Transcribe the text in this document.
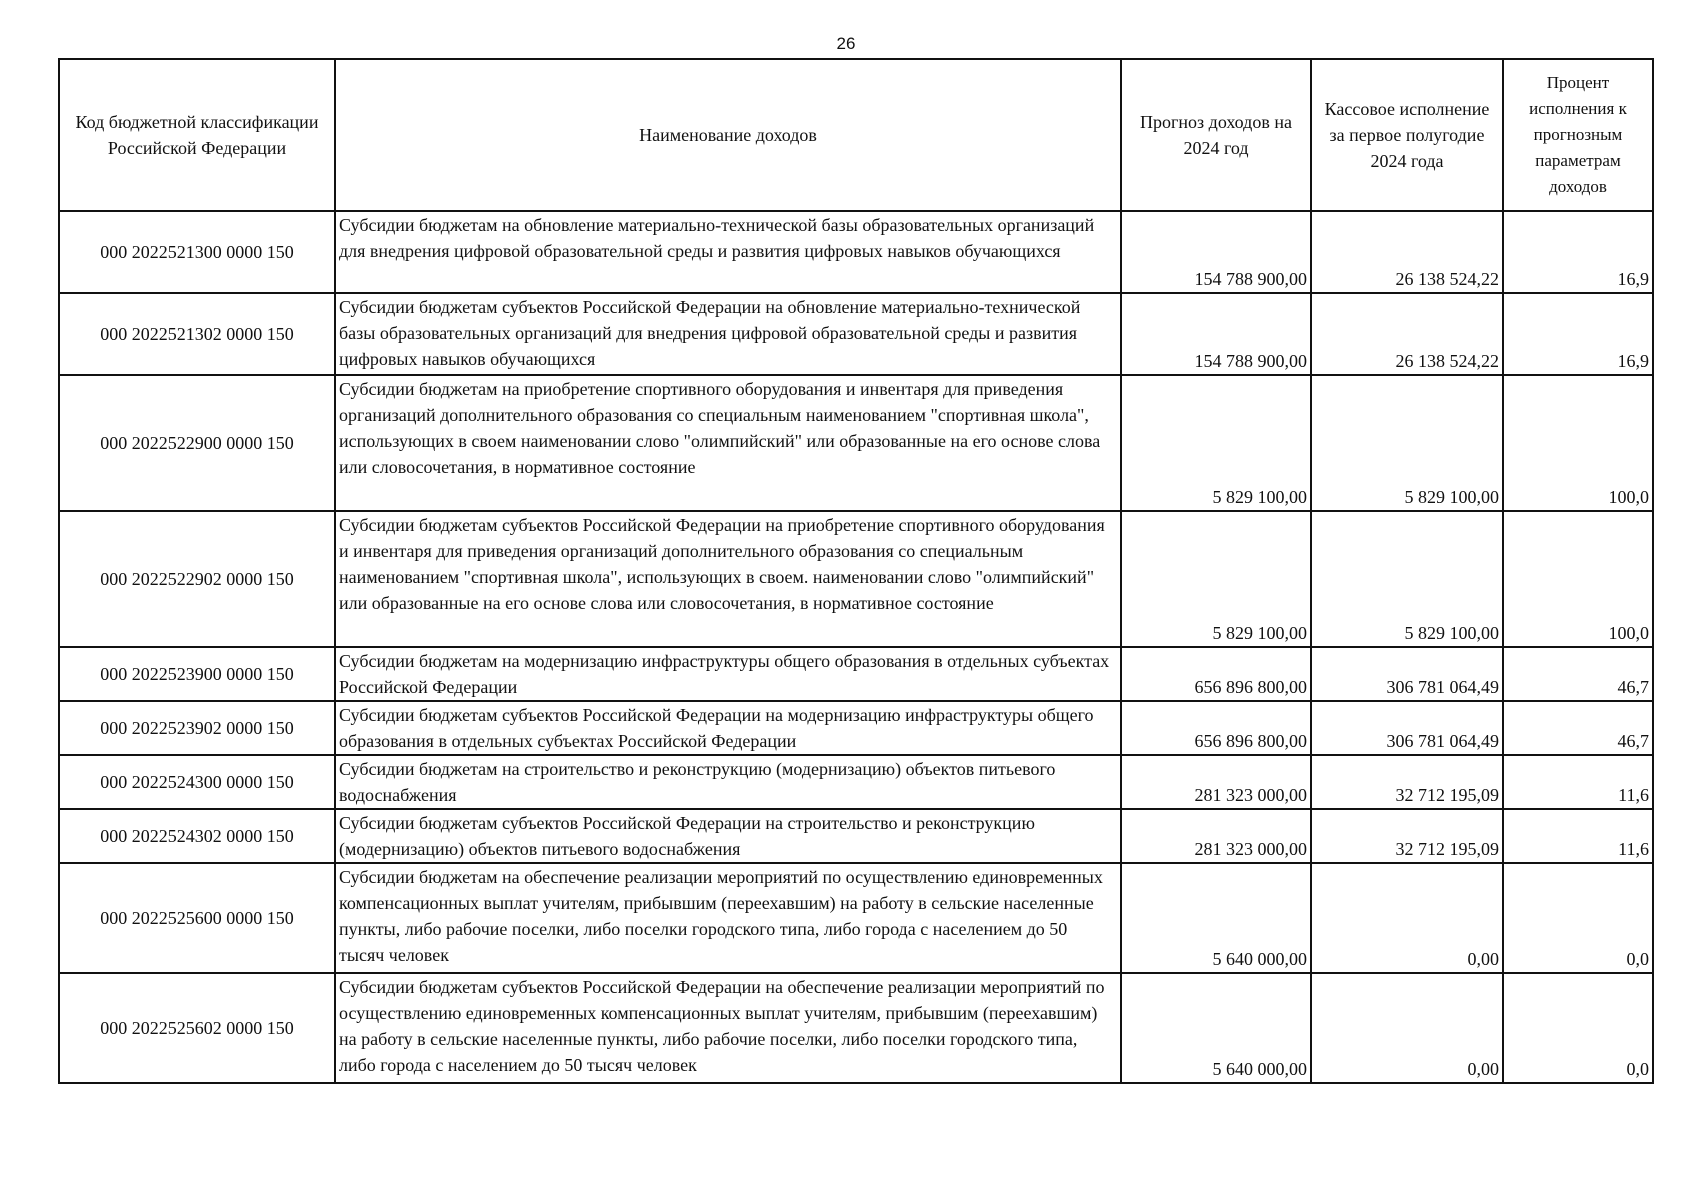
26
Код бюджетной классификации Российской Федерации	Наименование доходов	Прогноз доходов на 2024 год	Кассовое исполнение за первое полугодие 2024 года	Процент исполнения к прогнозным параметрам доходов
000 2022521300 0000 150	Субсидии бюджетам на обновление материально-технической базы образовательных организаций для внедрения цифровой образовательной среды и развития цифровых навыков обучающихся	154 788 900,00	26 138 524,22	16,9
000 2022521302 0000 150	Субсидии бюджетам субъектов Российской Федерации на обновление материально-технической базы образовательных организаций для внедрения цифровой образовательной среды и развития цифровых навыков обучающихся	154 788 900,00	26 138 524,22	16,9
000 2022522900 0000 150	Субсидии бюджетам на приобретение спортивного оборудования и инвентаря для приведения организаций дополнительного образования со специальным наименованием "спортивная школа", использующих в своем наименовании слово "олимпийский" или образованные на его основе слова или словосочетания, в нормативное состояние	5 829 100,00	5 829 100,00	100,0
000 2022522902 0000 150	Субсидии бюджетам субъектов Российской Федерации на приобретение спортивного оборудования и инвентаря для приведения организаций дополнительного образования со специальным наименованием "спортивная школа", использующих в своем. наименовании слово "олимпийский" или образованные на его основе слова или словосочетания, в нормативное состояние	5 829 100,00	5 829 100,00	100,0
000 2022523900 0000 150	Субсидии бюджетам на модернизацию инфраструктуры общего образования в отдельных субъектах Российской Федерации	656 896 800,00	306 781 064,49	46,7
000 2022523902 0000 150	Субсидии бюджетам субъектов Российской Федерации на модернизацию инфраструктуры общего образования в отдельных субъектах Российской Федерации	656 896 800,00	306 781 064,49	46,7
000 2022524300 0000 150	Субсидии бюджетам на строительство и реконструкцию (модернизацию) объектов питьевого водоснабжения	281 323 000,00	32 712 195,09	11,6
000 2022524302 0000 150	Субсидии бюджетам субъектов Российской Федерации на строительство и реконструкцию (модернизацию) объектов питьевого водоснабжения	281 323 000,00	32 712 195,09	11,6
000 2022525600 0000 150	Субсидии бюджетам на обеспечение реализации мероприятий по осуществлению единовременных компенсационных выплат учителям, прибывшим (переехавшим) на работу в сельские населенные пункты, либо рабочие поселки, либо поселки городского типа, либо города с населением до 50 тысяч человек	5 640 000,00	0,00	0,0
000 2022525602 0000 150	Субсидии бюджетам субъектов Российской Федерации на обеспечение реализации мероприятий по осуществлению единовременных компенсационных выплат учителям, прибывшим (переехавшим) на работу в сельские населенные пункты, либо рабочие поселки, либо поселки городского типа, либо города с населением до 50 тысяч человек	5 640 000,00	0,00	0,0
